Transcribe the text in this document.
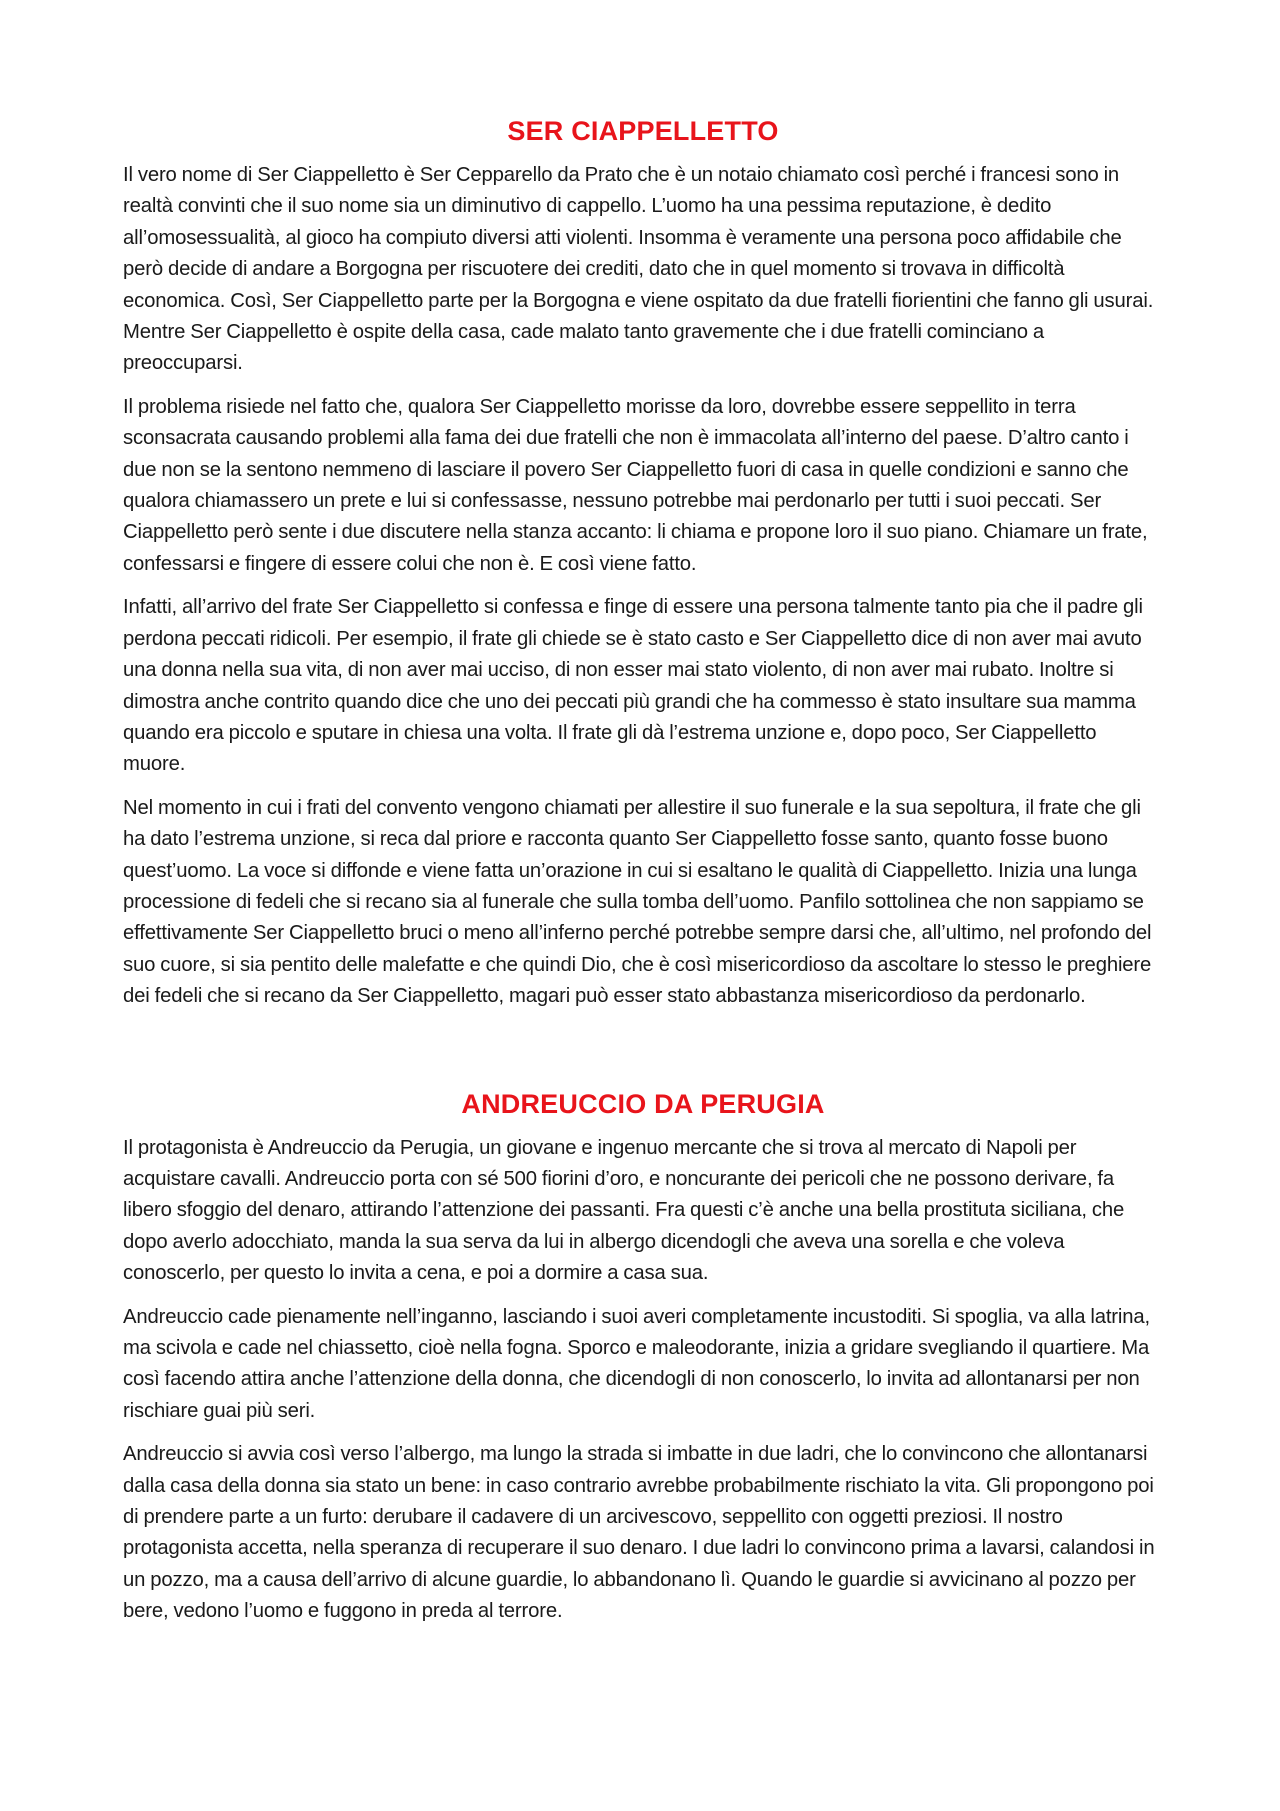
SER CIAPPELLETTO

Il vero nome di Ser Ciappelletto è Ser Cepparello da Prato che è un notaio chiamato così perché i francesi sono in realtà convinti che il suo nome sia un diminutivo di cappello. L’uomo ha una pessima reputazione, è dedito all’omosessualità, al gioco ha compiuto diversi atti violenti. Insomma è veramente una persona poco affidabile che però decide di andare a Borgogna per riscuotere dei crediti, dato che in quel momento si trovava in difficoltà economica. Così, Ser Ciappelletto parte per la Borgogna e viene ospitato da due fratelli fiorientini che fanno gli usurai. Mentre Ser Ciappelletto è ospite della casa, cade malato tanto gravemente che i due fratelli cominciano a preoccuparsi.

Il problema risiede nel fatto che, qualora Ser Ciappelletto morisse da loro, dovrebbe essere seppellito in terra sconsacrata causando problemi alla fama dei due fratelli che non è immacolata all’interno del paese. D’altro canto i due non se la sentono nemmeno di lasciare il povero Ser Ciappelletto fuori di casa in quelle condizioni e sanno che qualora chiamassero un prete e lui si confessasse, nessuno potrebbe mai perdonarlo per tutti i suoi peccati. Ser Ciappelletto però sente i due discutere nella stanza accanto: li chiama e propone loro il suo piano. Chiamare un frate, confessarsi e fingere di essere colui che non è. E così viene fatto.

Infatti, all’arrivo del frate Ser Ciappelletto si confessa e finge di essere una persona talmente tanto pia che il padre gli perdona peccati ridicoli. Per esempio, il frate gli chiede se è stato casto e Ser Ciappelletto dice di non aver mai avuto una donna nella sua vita, di non aver mai ucciso, di non esser mai stato violento, di non aver mai rubato. Inoltre si dimostra anche contrito quando dice che uno dei peccati più grandi che ha commesso è stato insultare sua mamma quando era piccolo e sputare in chiesa una volta. Il frate gli dà l’estrema unzione e, dopo poco, Ser Ciappelletto muore.

Nel momento in cui i frati del convento vengono chiamati per allestire il suo funerale e la sua sepoltura, il frate che gli ha dato l’estrema unzione, si reca dal priore e racconta quanto Ser Ciappelletto fosse santo, quanto fosse buono quest’uomo. La voce si diffonde e viene fatta un’orazione in cui si esaltano le qualità di Ciappelletto. Inizia una lunga processione di fedeli che si recano sia al funerale che sulla tomba dell’uomo. Panfilo sottolinea che non sappiamo se effettivamente Ser Ciappelletto bruci o meno all’inferno perché potrebbe sempre darsi che, all’ultimo, nel profondo del suo cuore, si sia pentito delle malefatte e che quindi Dio, che è così misericordioso da ascoltare lo stesso le preghiere dei fedeli che si recano da Ser Ciappelletto, magari può esser stato abbastanza misericordioso da perdonarlo.

ANDREUCCIO DA PERUGIA

Il protagonista è Andreuccio da Perugia, un giovane e ingenuo mercante che si trova al mercato di Napoli per acquistare cavalli. Andreuccio porta con sé 500 fiorini d’oro, e noncurante dei pericoli che ne possono derivare, fa libero sfoggio del denaro, attirando l’attenzione dei passanti. Fra questi c’è anche una bella prostituta siciliana, che dopo averlo adocchiato, manda la sua serva da lui in albergo dicendogli che aveva una sorella e che voleva conoscerlo, per questo lo invita a cena, e poi a dormire a casa sua.

Andreuccio cade pienamente nell’inganno, lasciando i suoi averi completamente incustoditi. Si spoglia, va alla latrina, ma scivola e cade nel chiassetto, cioè nella fogna. Sporco e maleodorante, inizia a gridare svegliando il quartiere. Ma così facendo attira anche l’attenzione della donna, che dicendogli di non conoscerlo, lo invita ad allontanarsi per non rischiare guai più seri.

Andreuccio si avvia così verso l’albergo, ma lungo la strada si imbatte in due ladri, che lo convincono che allontanarsi dalla casa della donna sia stato un bene: in caso contrario avrebbe probabilmente rischiato la vita. Gli propongono poi di prendere parte a un furto: derubare il cadavere di un arcivescovo, seppellito con oggetti preziosi. Il nostro protagonista accetta, nella speranza di recuperare il suo denaro. I due ladri lo convincono prima a lavarsi, calandosi in un pozzo, ma a causa dell’arrivo di alcune guardie, lo abbandonano lì. Quando le guardie si avvicinano al pozzo per bere, vedono l’uomo e fuggono in preda al terrore.
